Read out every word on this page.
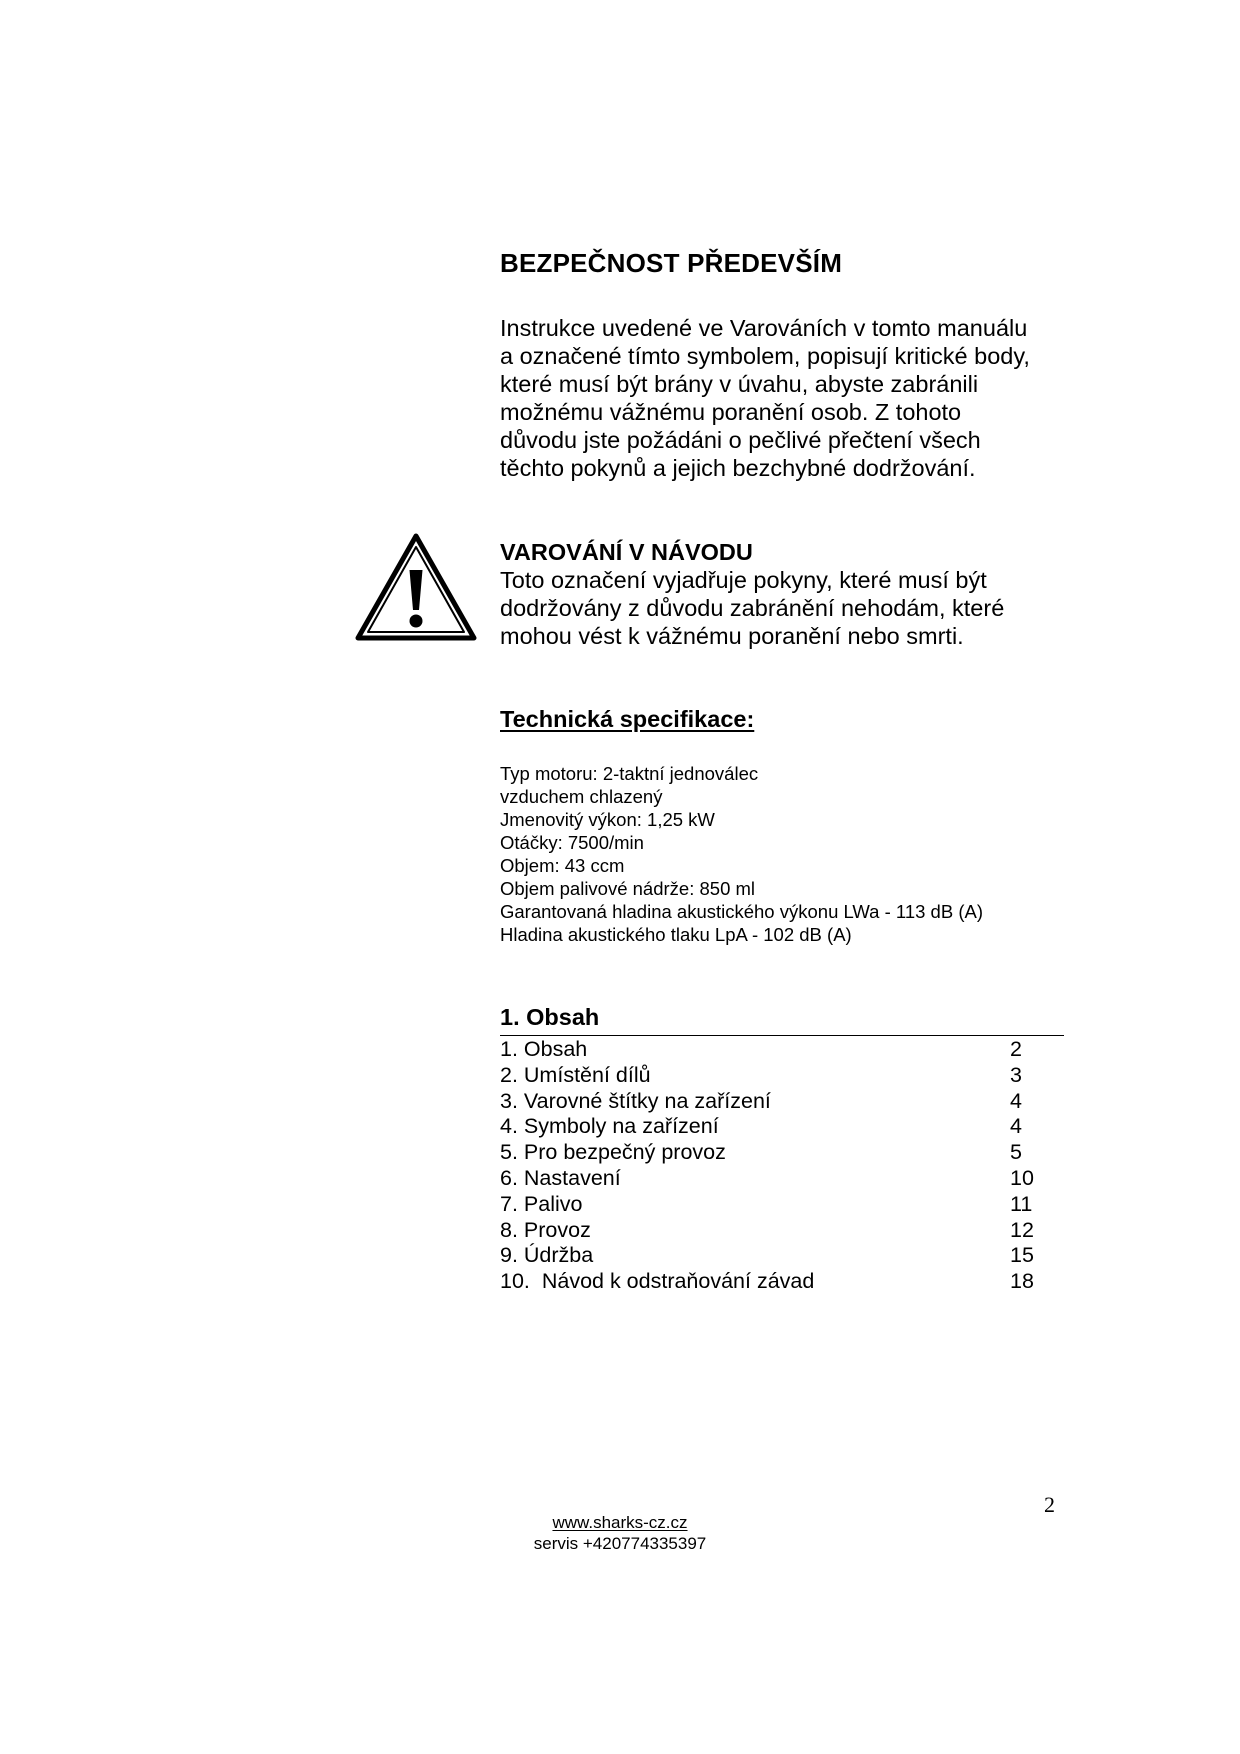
BEZPEČNOST PŘEDEVŠÍM
Instrukce uvedené ve Varováních v tomto manuálu
a označené tímto symbolem, popisují kritické body,
které musí být brány v úvahu, abyste zabránili
možnému vážnému poranění osob. Z tohoto
důvodu jste požádáni o pečlivé přečtení všech
těchto pokynů a jejich bezchybné dodržování.
VAROVÁNÍ V NÁVODU
Toto označení vyjadřuje pokyny, které musí být
dodržovány z důvodu zabránění nehodám, které
mohou vést k vážnému poranění nebo smrti.
Technická specifikace:
Typ motoru: 2-taktní jednoválec
vzduchem chlazený
Jmenovitý výkon: 1,25 kW
Otáčky: 7500/min
Objem: 43 ccm
Objem palivové nádrže: 850 ml
Garantovaná hladina akustického výkonu LWa - 113 dB (A)
Hladina akustického tlaku LpA - 102 dB (A)
1. Obsah
1. Obsah	2
2. Umístění dílů	3
3. Varovné štítky na zařízení	4
4. Symboly na zařízení	4
5. Pro bezpečný provoz	5
6. Nastavení	10
7. Palivo	11
8. Provoz	12
9. Údržba	15
10.  Návod k odstraňování závad	18
2
www.sharks-cz.cz
servis +420774335397
